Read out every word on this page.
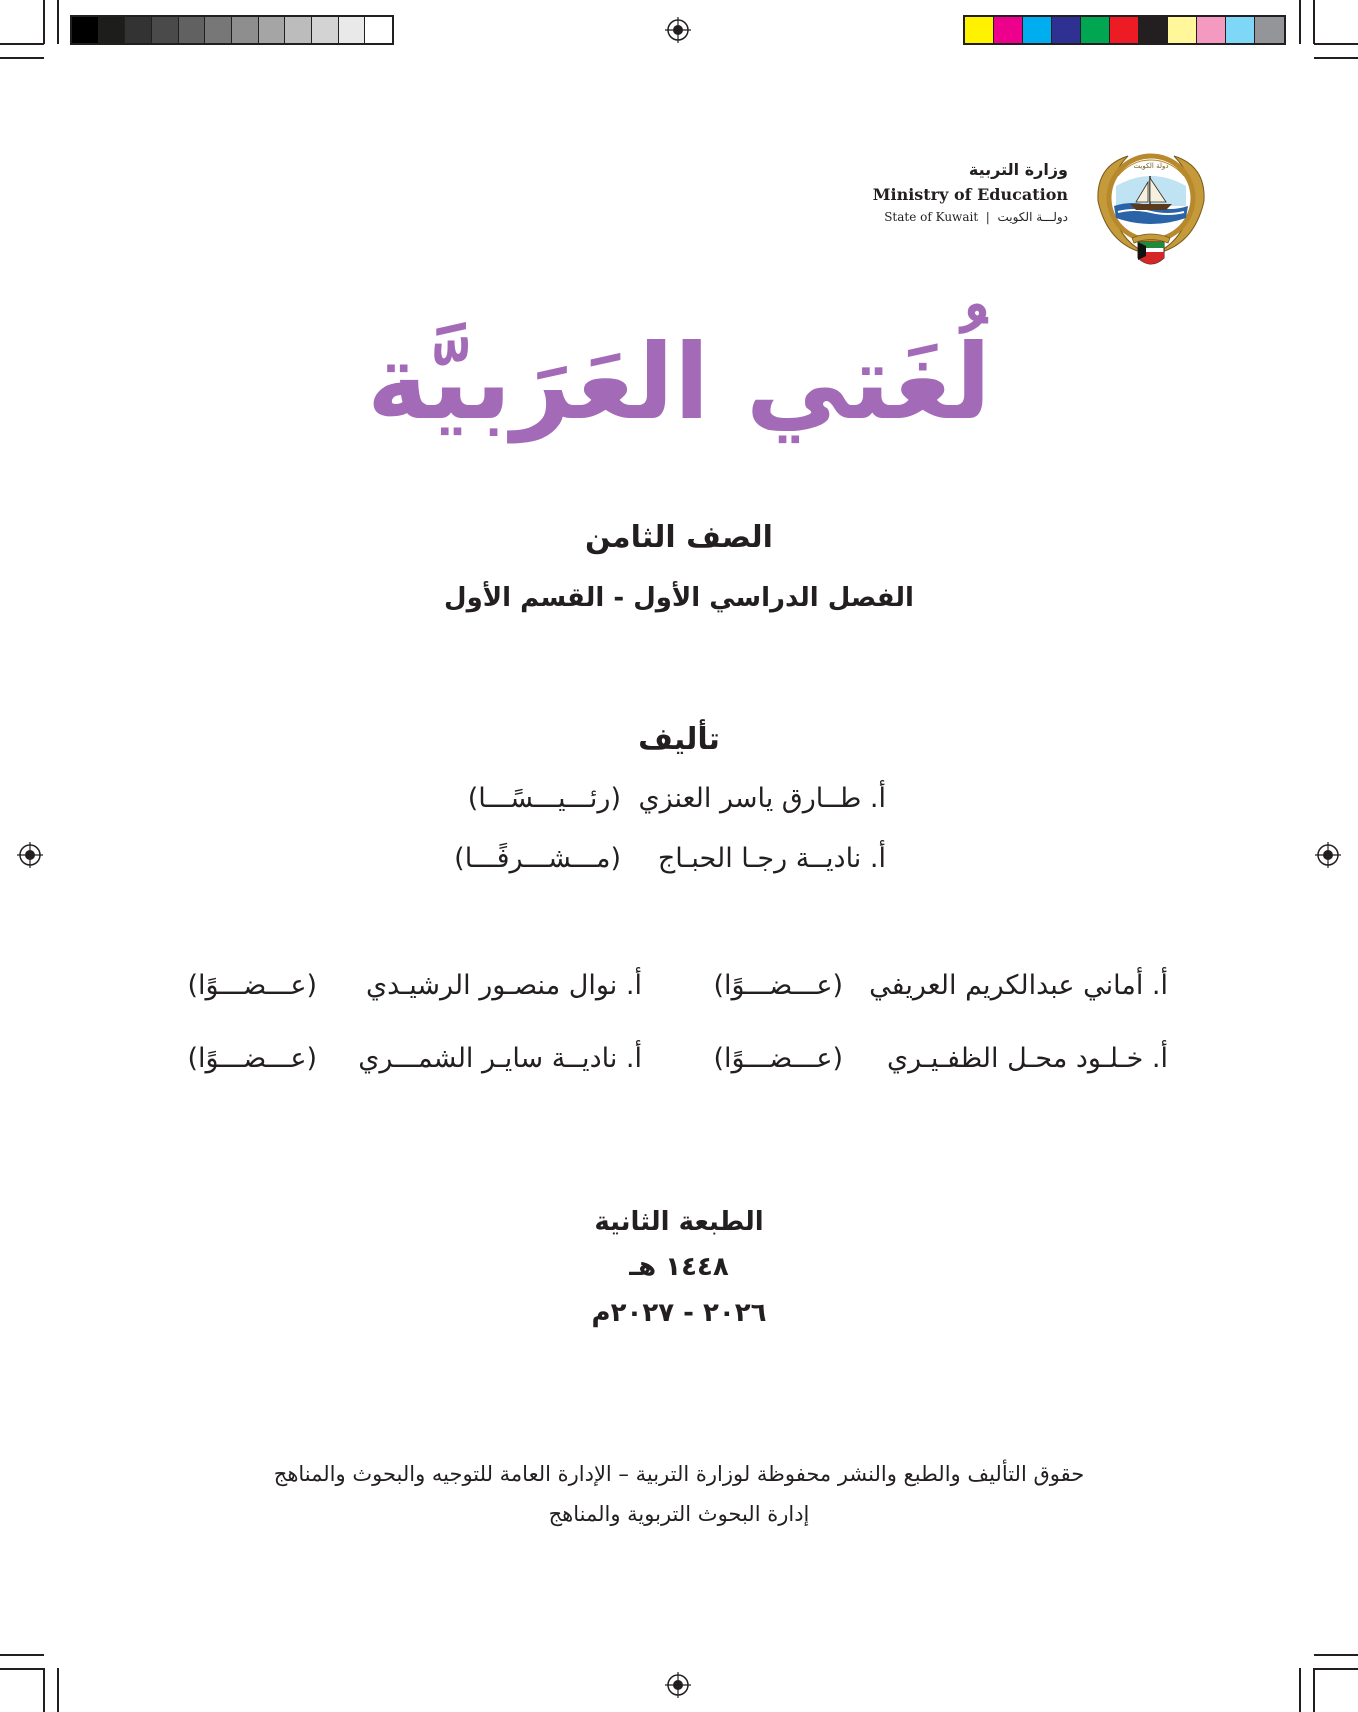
وزارة التربية
Ministry of Education
State of Kuwait  |  دولـــة الكويت
دولة الكويت
لُغَتي العَرَبيَّة
الصف الثامن
الفصل الدراسي الأول - القسم الأول
تأليف
أ. طــارق ياسر العنزي
(رئـــيـــسًـــا)
أ. ناديــة رجـا الحبـاج
(مـــشـــرفًـــا)
أ. أماني عبدالكريم العريفي
(عـــضـــوًا)
أ. نوال منصـور الرشيـدي
(عـــضـــوًا)
أ. خـلـود محـل الظفـيـري
(عـــضـــوًا)
أ. ناديــة سايـر الشمـــري
(عـــضـــوًا)
الطبعة الثانية
١٤٤٨ هـ
٢٠٢٦ - ٢٠٢٧م
حقوق التأليف والطبع والنشر محفوظة لوزارة التربية – الإدارة العامة للتوجيه والبحوث والمناهج
إدارة البحوث التربوية والمناهج
